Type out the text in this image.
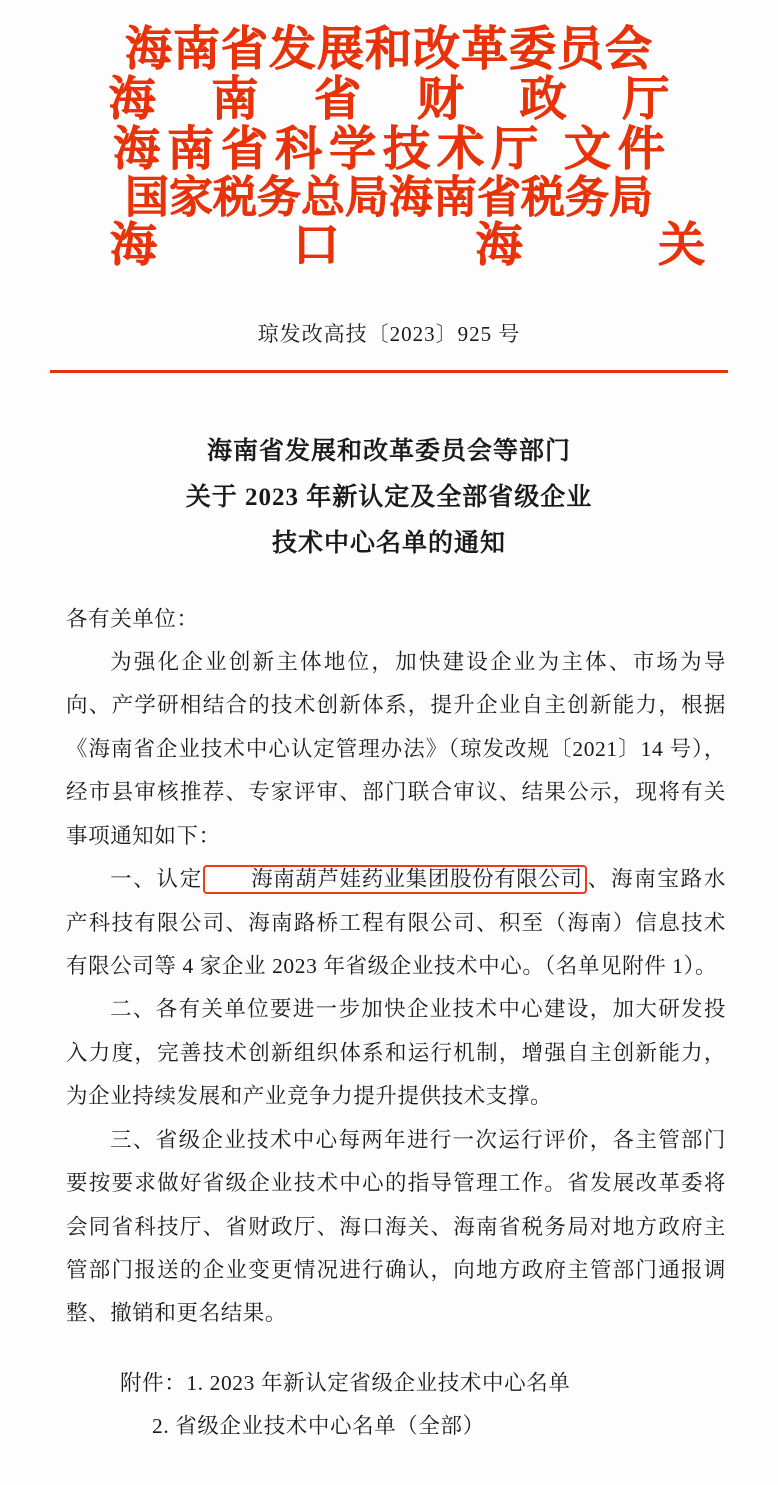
海南省发展和改革委员会
海 南 省 财 政 厅
海南省科学技术厅 文件
国家税务总局海南省税务局
海 口 海 关
琼发改高技〔2023〕925 号
海南省发展和改革委员会等部门
关于 2023 年新认定及全部省级企业
技术中心名单的通知
各有关单位：

为强化企业创新主体地位，加快建设企业为主体、市场为导向、产学研相结合的技术创新体系，提升企业自主创新能力，根据《海南省企业技术中心认定管理办法》（琼发改规〔2021〕14 号），经市县审核推荐、专家评审、部门联合审议、结果公示，现将有关事项通知如下：

一、认定 海南葫芦娃药业集团股份有限公司 、海南宝路水产科技有限公司、海南路桥工程有限公司、积至（海南）信息技术有限公司等 4 家企业 2023 年省级企业技术中心。（名单见附件 1）。

二、各有关单位要进一步加快企业技术中心建设，加大研发投入力度，完善技术创新组织体系和运行机制，增强自主创新能力，为企业持续发展和产业竞争力提升提供技术支撑。

三、省级企业技术中心每两年进行一次运行评价，各主管部门要按要求做好省级企业技术中心的指导管理工作。省发展改革委将会同省科技厅、省财政厅、海口海关、海南省税务局对地方政府主管部门报送的企业变更情况进行确认，向地方政府主管部门通报调整、撤销和更名结果。

附件：1. 2023 年新认定省级企业技术中心名单
2. 省级企业技术中心名单（全部）
